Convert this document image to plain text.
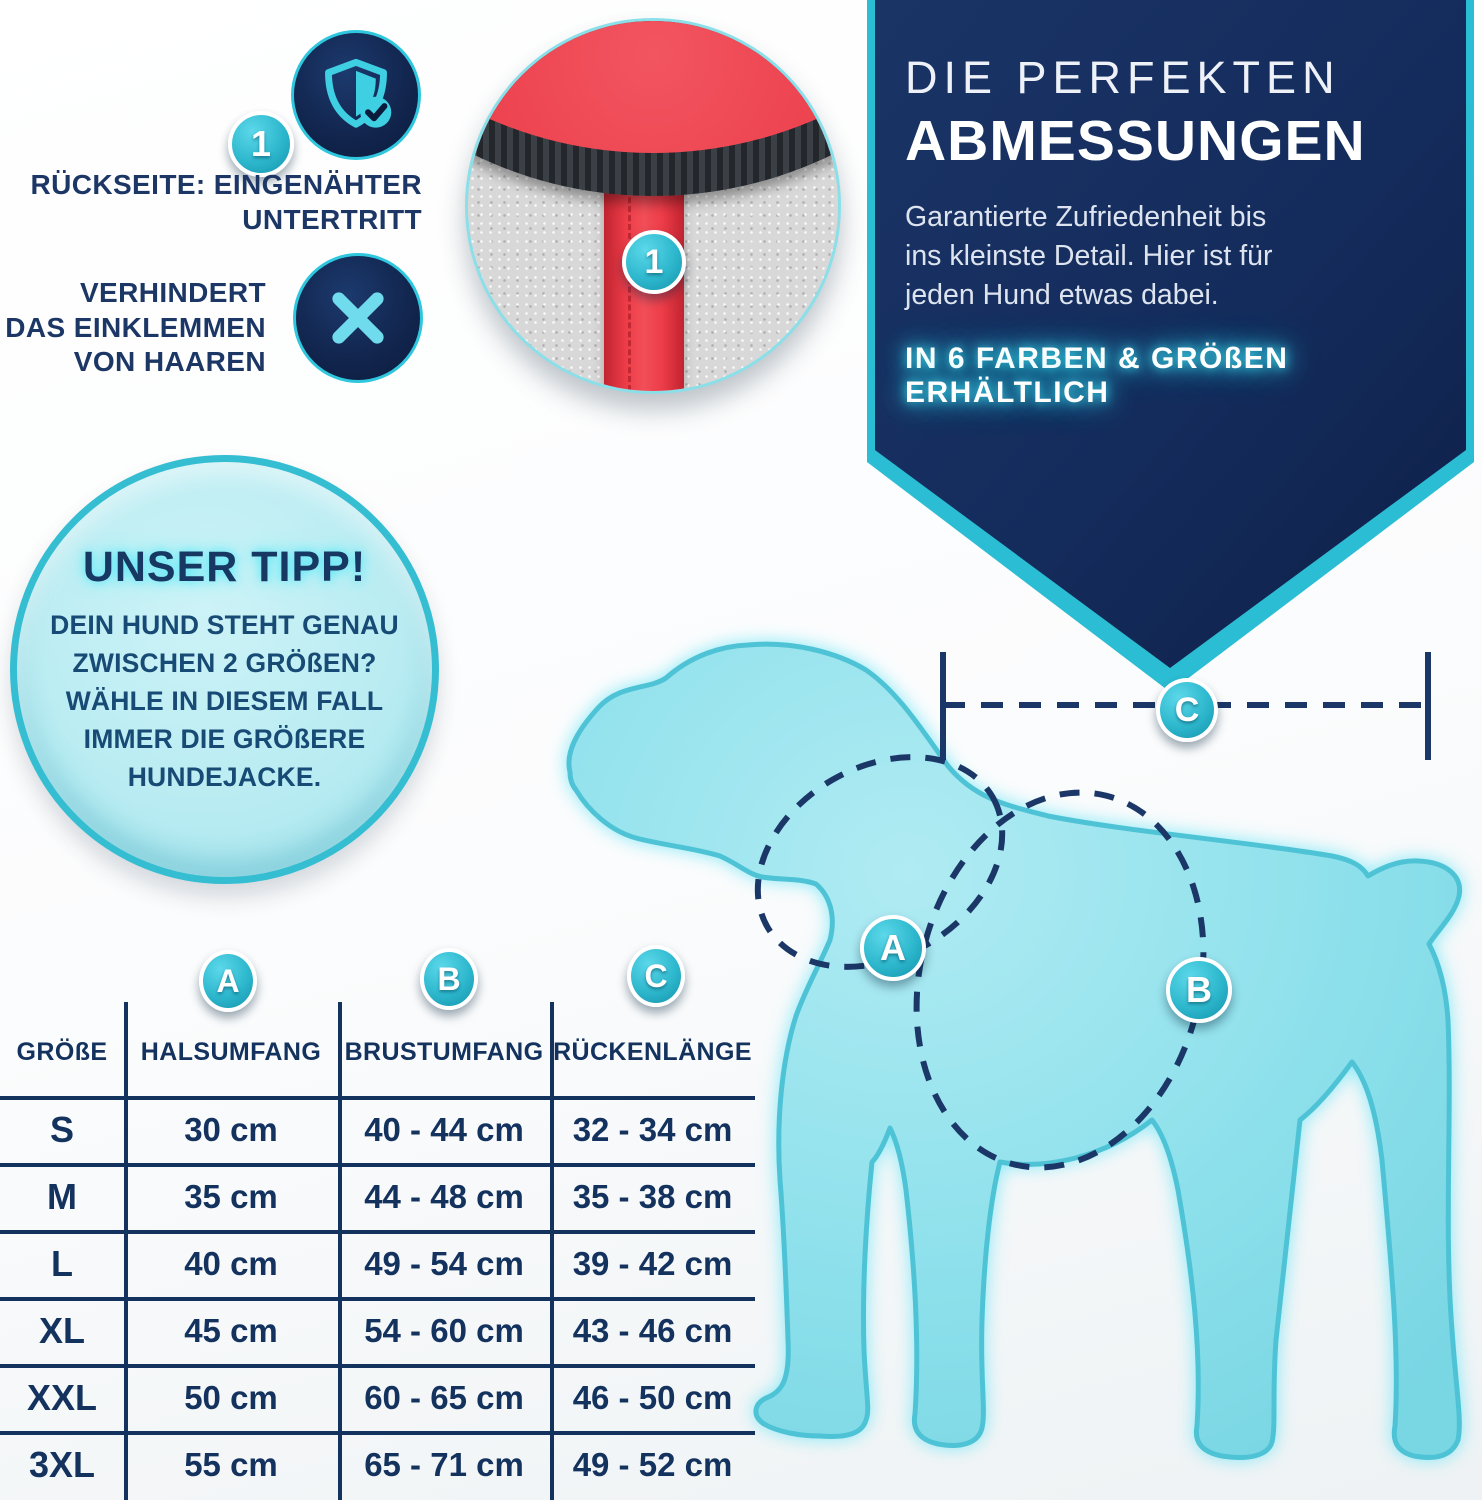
DIE PERFEKTEN
ABMESSUNGEN
Garantierte Zufriedenheit bis
ins kleinste Detail. Hier ist für
jeden Hund etwas dabei.
IN 6 FARBEN & GRÖßEN
ERHÄLTLICH
A
B
C
1
RÜCKSEITE: EINGENÄHTER
UNTERTRITT
VERHINDERT
DAS EINKLEMMEN
VON HAAREN
1
UNSER TIPP!
DEIN HUND STEHT GENAU
ZWISCHEN 2 GRÖßEN?
WÄHLE IN DIESEM FALL
IMMER DIE GRÖßERE
HUNDEJACKE.
A	B	C
GRÖßE	HALSUMFANG BRUSTUMFANG RÜCKENLÄNGE
S	30 cm	40 - 44 cm	32 - 34 cm
M	35 cm	44 - 48 cm	35 - 38 cm
L	40 cm	49 - 54 cm	39 - 42 cm
XL	45 cm	54 - 60 cm	43 - 46 cm
XXL	50 cm	60 - 65 cm	46 - 50 cm
3XL	55 cm	65 - 71 cm	49 - 52 cm
